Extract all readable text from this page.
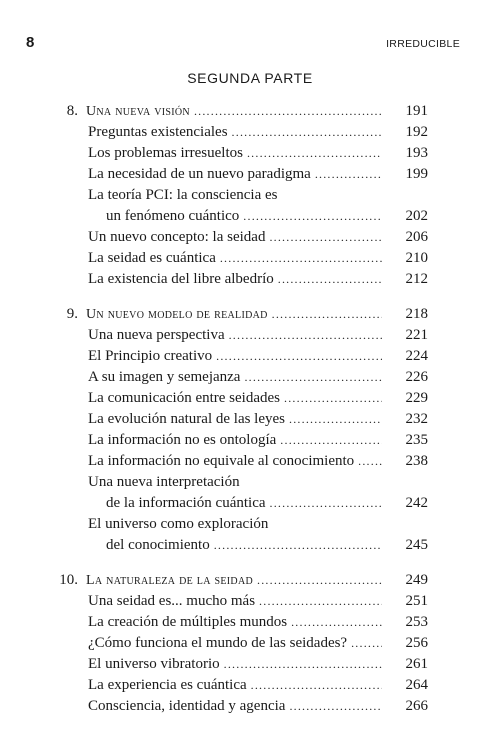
8	IRREDUCIBLE
SEGUNDA PARTE
8. Una nueva visión .....	191
Preguntas existenciales .....	192
Los problemas irresueltos .....	193
La necesidad de un nuevo paradigma .....	199
La teoría PCI: la consciencia es
un fenómeno cuántico .....	202
Un nuevo concepto: la seidad .....	206
La seidad es cuántica .....	210
La existencia del libre albedrío .....	212
9. Un nuevo modelo de realidad .....	218
Una nueva perspectiva .....	221
El Principio creativo .....	224
A su imagen y semejanza .....	226
La comunicación entre seidades .....	229
La evolución natural de las leyes .....	232
La información no es ontología .....	235
La información no equivale al conocimiento .....	238
Una nueva interpretación
de la información cuántica .....	242
El universo como exploración
del conocimiento .....	245
10. La naturaleza de la seidad .....	249
Una seidad es... mucho más .....	251
La creación de múltiples mundos .....	253
¿Cómo funciona el mundo de las seidades? .....	256
El universo vibratorio .....	261
La experiencia es cuántica .....	264
Consciencia, identidad y agencia .....	266
